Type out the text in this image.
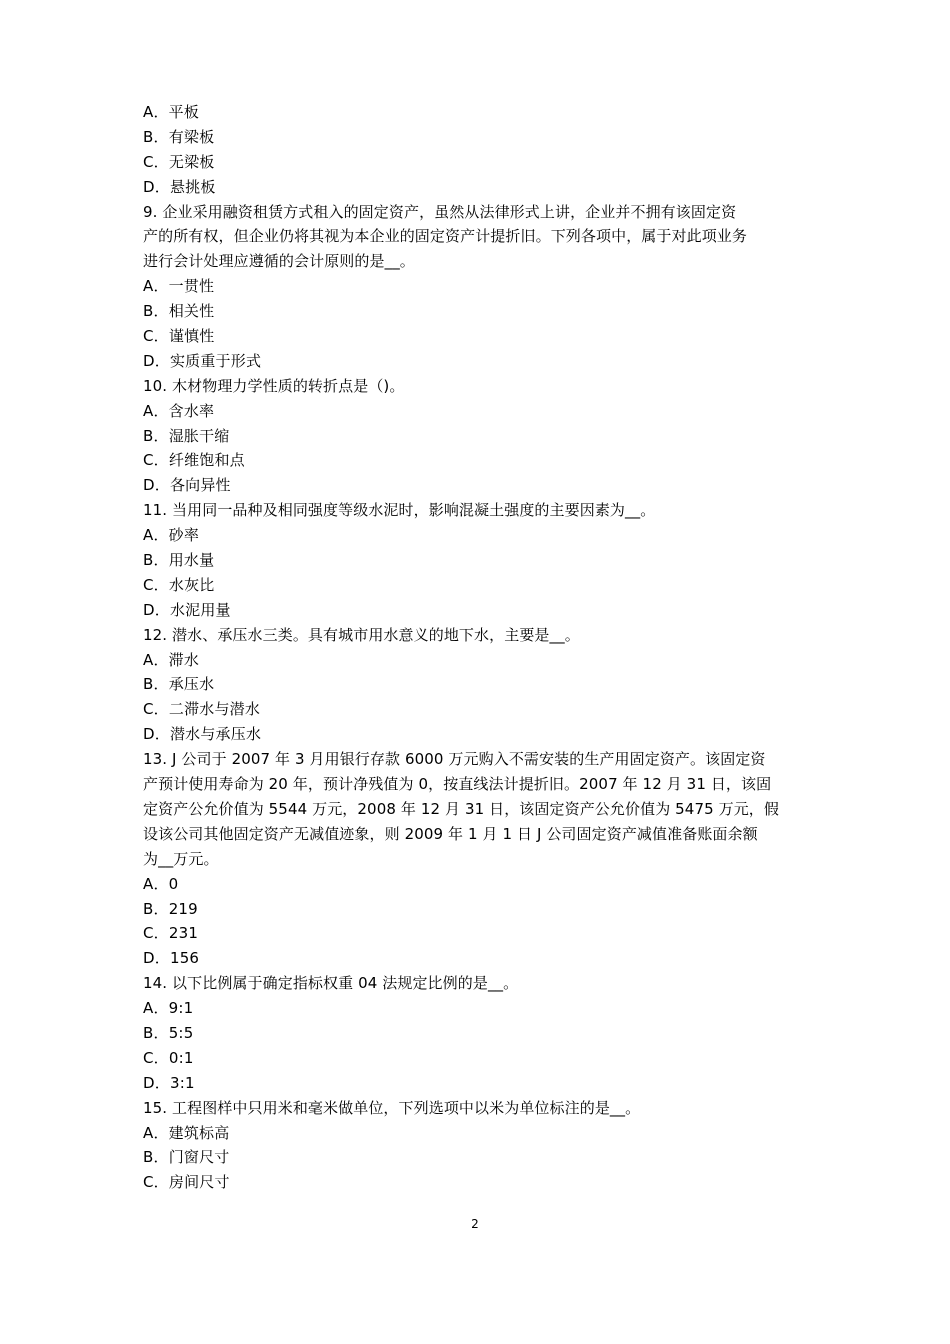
A．平板
B．有梁板
C．无梁板
D．悬挑板
9. 企业采用融资租赁方式租入的固定资产，虽然从法律形式上讲，企业并不拥有该固定资
产的所有权，但企业仍将其视为本企业的固定资产计提折旧。下列各项中，属于对此项业务
进行会计处理应遵循的会计原则的是__。
A．一贯性
B．相关性
C．谨慎性
D．实质重于形式
10. 木材物理力学性质的转折点是（)。
A．含水率
B．湿胀干缩
C．纤维饱和点
D．各向异性
11. 当用同一品种及相同强度等级水泥时，影响混凝土强度的主要因素为__。
A．砂率
B．用水量
C．水灰比
D．水泥用量
12. 潜水、承压水三类。具有城市用水意义的地下水，主要是__。
A．滞水
B．承压水
C．二滞水与潜水
D．潜水与承压水
13. J 公司于 2007 年 3 月用银行存款 6000 万元购入不需安装的生产用固定资产。该固定资
产预计使用寿命为 20 年，预计净残值为 0，按直线法计提折旧。2007 年 12 月 31 日，该固
定资产公允价值为 5544 万元，2008 年 12 月 31 日，该固定资产公允价值为 5475 万元，假
设该公司其他固定资产无减值迹象，则 2009 年 1 月 1 日 J 公司固定资产减值准备账面余额
为__万元。
A．0
B．219
C．231
D．156
14. 以下比例属于确定指标权重 04 法规定比例的是__。
A．9:1
B．5:5
C．0:1
D．3:1
15. 工程图样中只用米和毫米做单位，下列选项中以米为单位标注的是__。
A．建筑标高
B．门窗尺寸
C．房间尺寸
2
